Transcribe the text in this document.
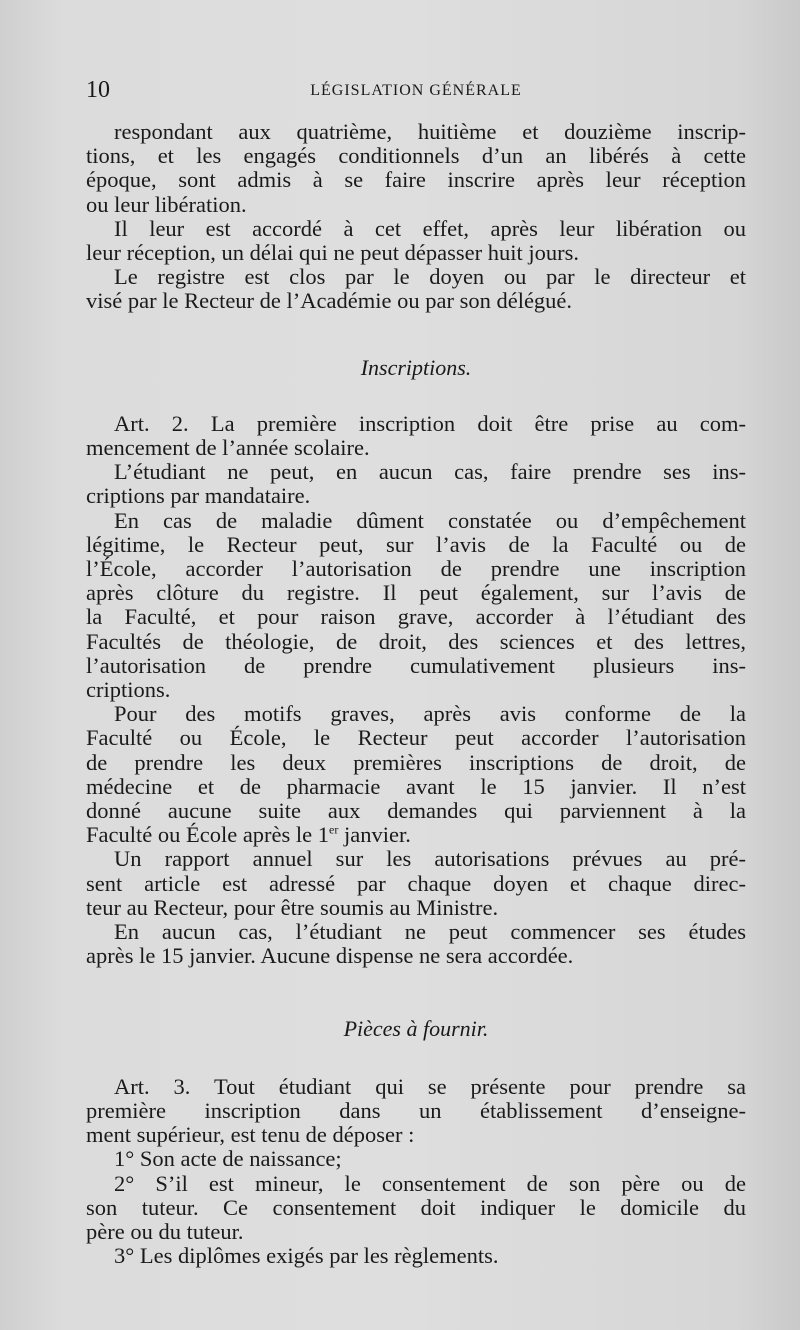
10	LÉGISLATION GÉNÉRALE

respondant aux quatrième, huitième et douzième inscrip-
tions, et les engagés conditionnels d’un an libérés à cette
époque, sont admis à se faire inscrire après leur réception
ou leur libération.

Il leur est accordé à cet effet, après leur libération ou
leur réception, un délai qui ne peut dépasser huit jours.

Le registre est clos par le doyen ou par le directeur et
visé par le Recteur de l’Académie ou par son délégué.

Inscriptions.

Art. 2. La première inscription doit être prise au com-
mencement de l’année scolaire.

L’étudiant ne peut, en aucun cas, faire prendre ses ins-
criptions par mandataire.

En cas de maladie dûment constatée ou d’empêchement
légitime, le Recteur peut, sur l’avis de la Faculté ou de
l’École, accorder l’autorisation de prendre une inscription
après clôture du registre. Il peut également, sur l’avis de
la Faculté, et pour raison grave, accorder à l’étudiant des
Facultés de théologie, de droit, des sciences et des lettres,
l’autorisation de prendre cumulativement plusieurs ins-
criptions.

Pour des motifs graves, après avis conforme de la
Faculté ou École, le Recteur peut accorder l’autorisation
de prendre les deux premières inscriptions de droit, de
médecine et de pharmacie avant le 15 janvier. Il n’est
donné aucune suite aux demandes qui parviennent à la
Faculté ou École après le 1er janvier.

Un rapport annuel sur les autorisations prévues au pré-
sent article est adressé par chaque doyen et chaque direc-
teur au Recteur, pour être soumis au Ministre.

En aucun cas, l’étudiant ne peut commencer ses études
après le 15 janvier. Aucune dispense ne sera accordée.

Pièces à fournir.

Art. 3. Tout étudiant qui se présente pour prendre sa
première inscription dans un établissement d’enseigne-
ment supérieur, est tenu de déposer :

1° Son acte de naissance;

2° S’il est mineur, le consentement de son père ou de
son tuteur. Ce consentement doit indiquer le domicile du
père ou du tuteur.

3° Les diplômes exigés par les règlements.
